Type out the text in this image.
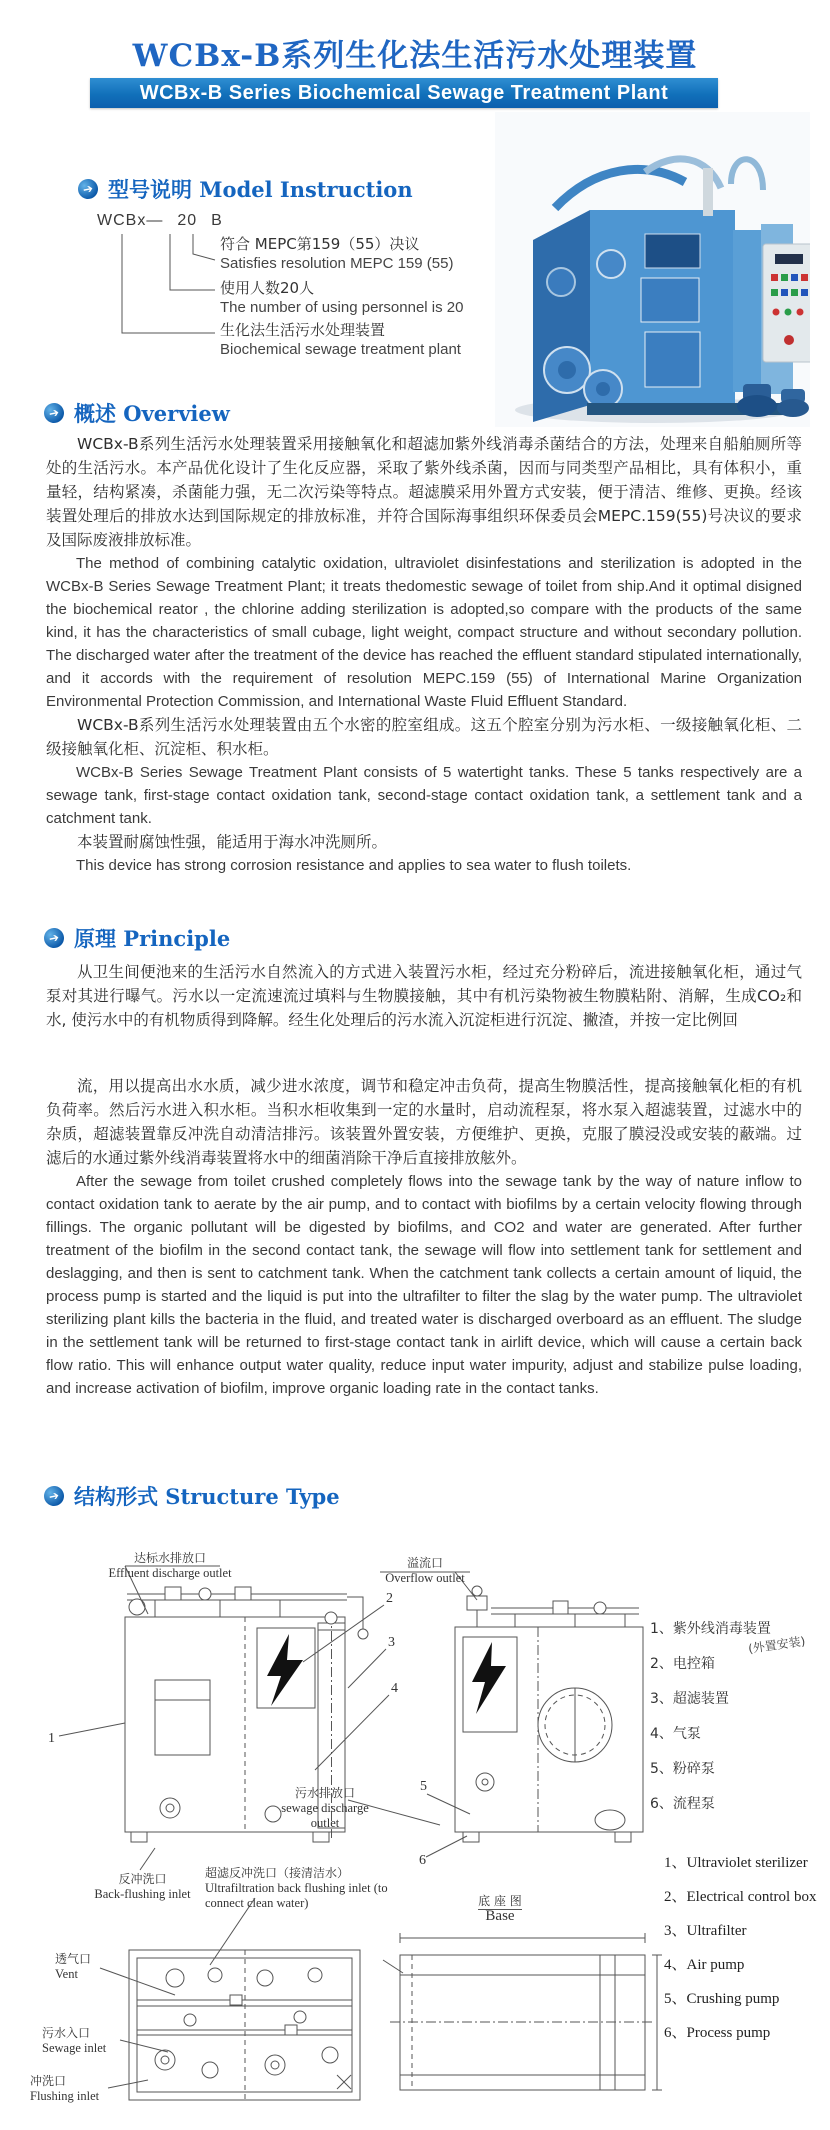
WCBx-B系列生化法生活污水处理装置
WCBx-B Series Biochemical Sewage Treatment Plant
➔ 型号说明 Model Instruction
WCBx— 20 B
符合 MEPC第159（55）决议
Satisfies resolution MEPC 159 (55)
使用人数20人
The number of using personnel is 20
生化法生活污水处理装置
Biochemical sewage treatment plant
➔ 概述 Overview

WCBx-B系列生活污水处理装置采用接触氧化和超滤加紫外线消毒杀菌结合的方法，处理来自船舶厕所等处的生活污水。本产品优化设计了生化反应器，采取了紫外线杀菌，因而与同类型产品相比，具有体积小，重量轻，结构紧凑，杀菌能力强，无二次污染等特点。超滤膜采用外置方式安装，便于清洁、维修、更换。经该装置处理后的排放水达到国际规定的排放标准，并符合国际海事组织环保委员会MEPC.159(55)号决议的要求及国际废液排放标准。

The method of combining catalytic oxidation, ultraviolet disinfestations and sterilization is adopted in the WCBx-B Series Sewage Treatment Plant; it treats thedomestic sewage of toilet from ship.And it optimal disigned the biochemical reator , the chlorine adding sterilization is adopted,so compare with the products of the same kind, it has the characteristics of small cubage, light weight, compact structure and without secondary pollution. The discharged water after the treatment of the device has reached the effluent standard stipulated internationally, and it accords with the requirement of resolution MEPC.159 (55) of International Marine Organization Environmental Protection Commission, and International Waste Fluid Effluent Standard.

WCBx-B系列生活污水处理装置由五个水密的腔室组成。这五个腔室分别为污水柜、一级接触氧化柜、二级接触氧化柜、沉淀柜、积水柜。

WCBx-B Series Sewage Treatment Plant consists of 5 watertight tanks. These 5 tanks respectively are a sewage tank, first-stage contact oxidation tank, second-stage contact oxidation tank, a settlement tank and a catchment tank.

本装置耐腐蚀性强，能适用于海水冲洗厕所。

This device has strong corrosion resistance and applies to sea water to flush toilets.

➔ 原理 Principle

从卫生间便池来的生活污水自然流入的方式进入装置污水柜，经过充分粉碎后，流进接触氧化柜，通过气泵对其进行曝气。污水以一定流速流过填料与生物膜接触，其中有机污染物被生物膜粘附、消解，生成CO₂和水, 使污水中的有机物质得到降解。经生化处理后的污水流入沉淀柜进行沉淀、撇渣，并按一定比例回

流，用以提高出水水质，减少进水浓度，调节和稳定冲击负荷，提高生物膜活性，提高接触氧化柜的有机负荷率。然后污水进入积水柜。当积水柜收集到一定的水量时，启动流程泵，将水泵入超滤装置，过滤水中的杂质，超滤装置靠反冲洗自动清洁排污。该装置外置安装，方便维护、更换，克服了膜浸没或安装的蔽端。过滤后的水通过紫外线消毒装置将水中的细菌消除干净后直接排放舷外。

After the sewage from toilet crushed completely flows into the sewage tank by the way of nature inflow to contact oxidation tank to aerate by the air pump, and to contact with biofilms by a certain velocity flowing through fillings. The organic pollutant will be digested by biofilms, and CO2 and water are generated. After further treatment of the biofilm in the second contact tank, the sewage will flow into settlement tank for settlement and deslagging, and then is sent to catchment tank. When the catchment tank collects a certain amount of liquid, the process pump is started and the liquid is put into the ultrafilter to filter the slag by the water pump. The ultraviolet sterilizing plant kills the bacteria in the fluid, and treated water is discharged overboard as an effluent. The sludge in the settlement tank will be returned to first-stage contact tank in airlift device, which will cause a certain back flow ratio. This will enhance output water quality, reduce input water impurity, adjust and stabilize pulse loading, and increase activation of biofilm, improve organic loading rate in the contact tanks.

➔ 结构形式 Structure Type
1
2
3
4
5
6
达标水排放口
Effluent discharge outlet
溢流口
Overflow outlet
污水排放口
sewage discharge outlet
反冲洗口
Back-flushing inlet
超滤反冲洗口（接清洁水）
Ultrafiltration back flushing inlet (to connect clean water)	底 座 图
Base
透气口
Vent
污水入口
Sewage inlet
冲洗口
Flushing inlet
(外置安装)
1、紫外线消毒装置
2、电控箱
3、超滤装置
4、气泵
5、粉碎泵
6、流程泵
1、Ultraviolet sterilizer
2、Electrical control box
3、Ultrafilter
4、Air pump
5、Crushing pump
6、Process pump
